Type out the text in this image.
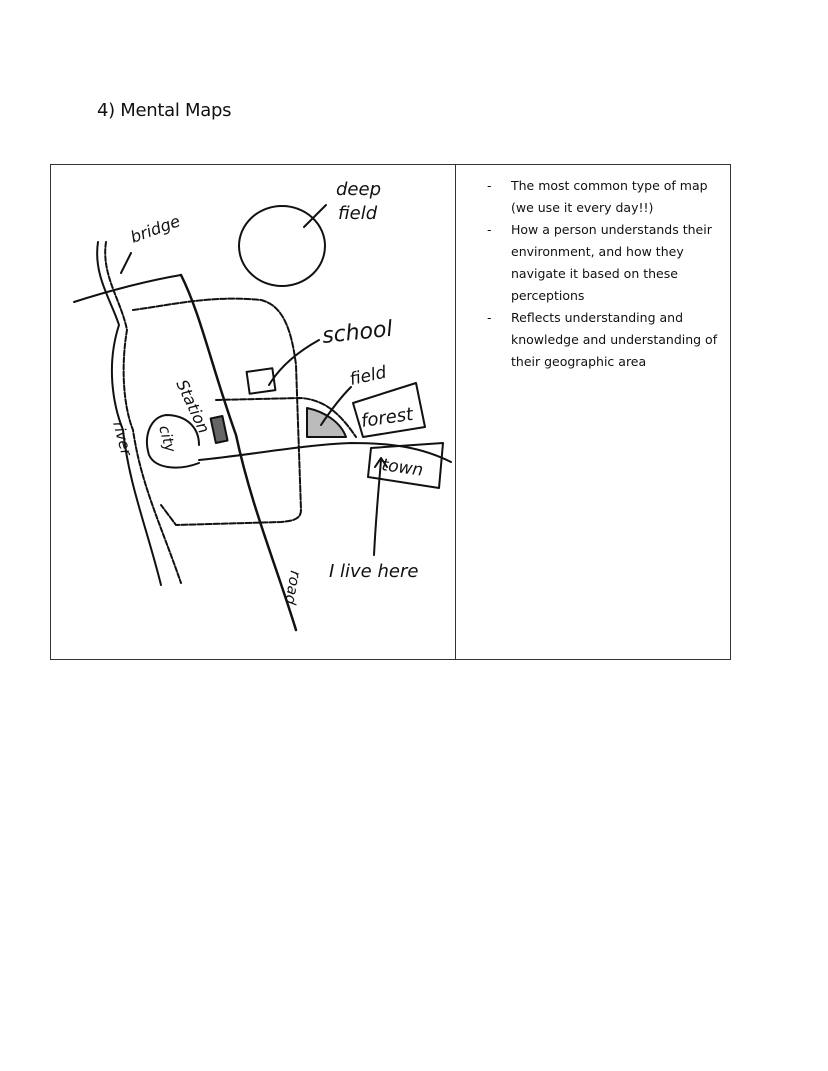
4) Mental Maps
deep
field
bridge
school
field
forest
town
Station
city
river
road I live here
- The most common type of map (we use it every day!!)
- How a person understands their environment, and how they navigate it based on these perceptions
- Reflects understanding and knowledge and understanding of their geographic area
